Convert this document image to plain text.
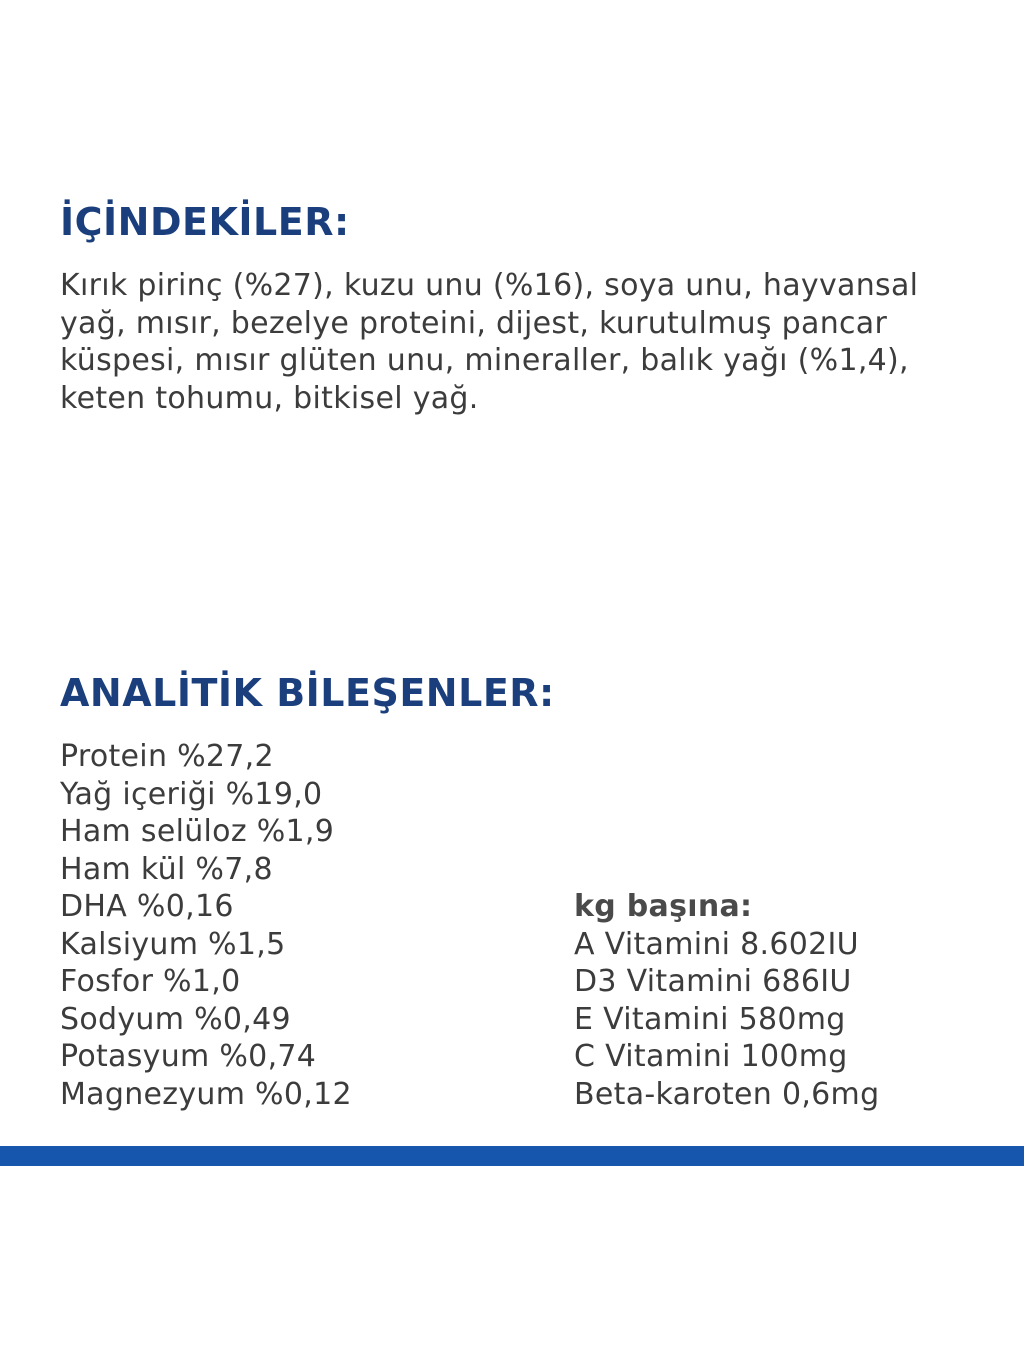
İÇİNDEKİLER:

Kırık pirinç (%27), kuzu unu (%16), soya unu, hayvansal yağ, mısır, bezelye proteini, dijest, kurutulmuş pancar küspesi, mısır glüten unu, mineraller, balık yağı (%1,4), keten tohumu, bitkisel yağ.

ANALİTİK BİLEŞENLER:
Protein %27,2
Yağ içeriği %19,0
Ham selüloz %1,9
Ham kül %7,8
DHA %0,16
Kalsiyum %1,5
Fosfor %1,0
Sodyum %0,49
Potasyum %0,74
Magnezyum %0,12
kg başına:
A Vitamini 8.602IU
D3 Vitamini 686IU
E Vitamini 580mg
C Vitamini 100mg
Beta-karoten 0,6mg
